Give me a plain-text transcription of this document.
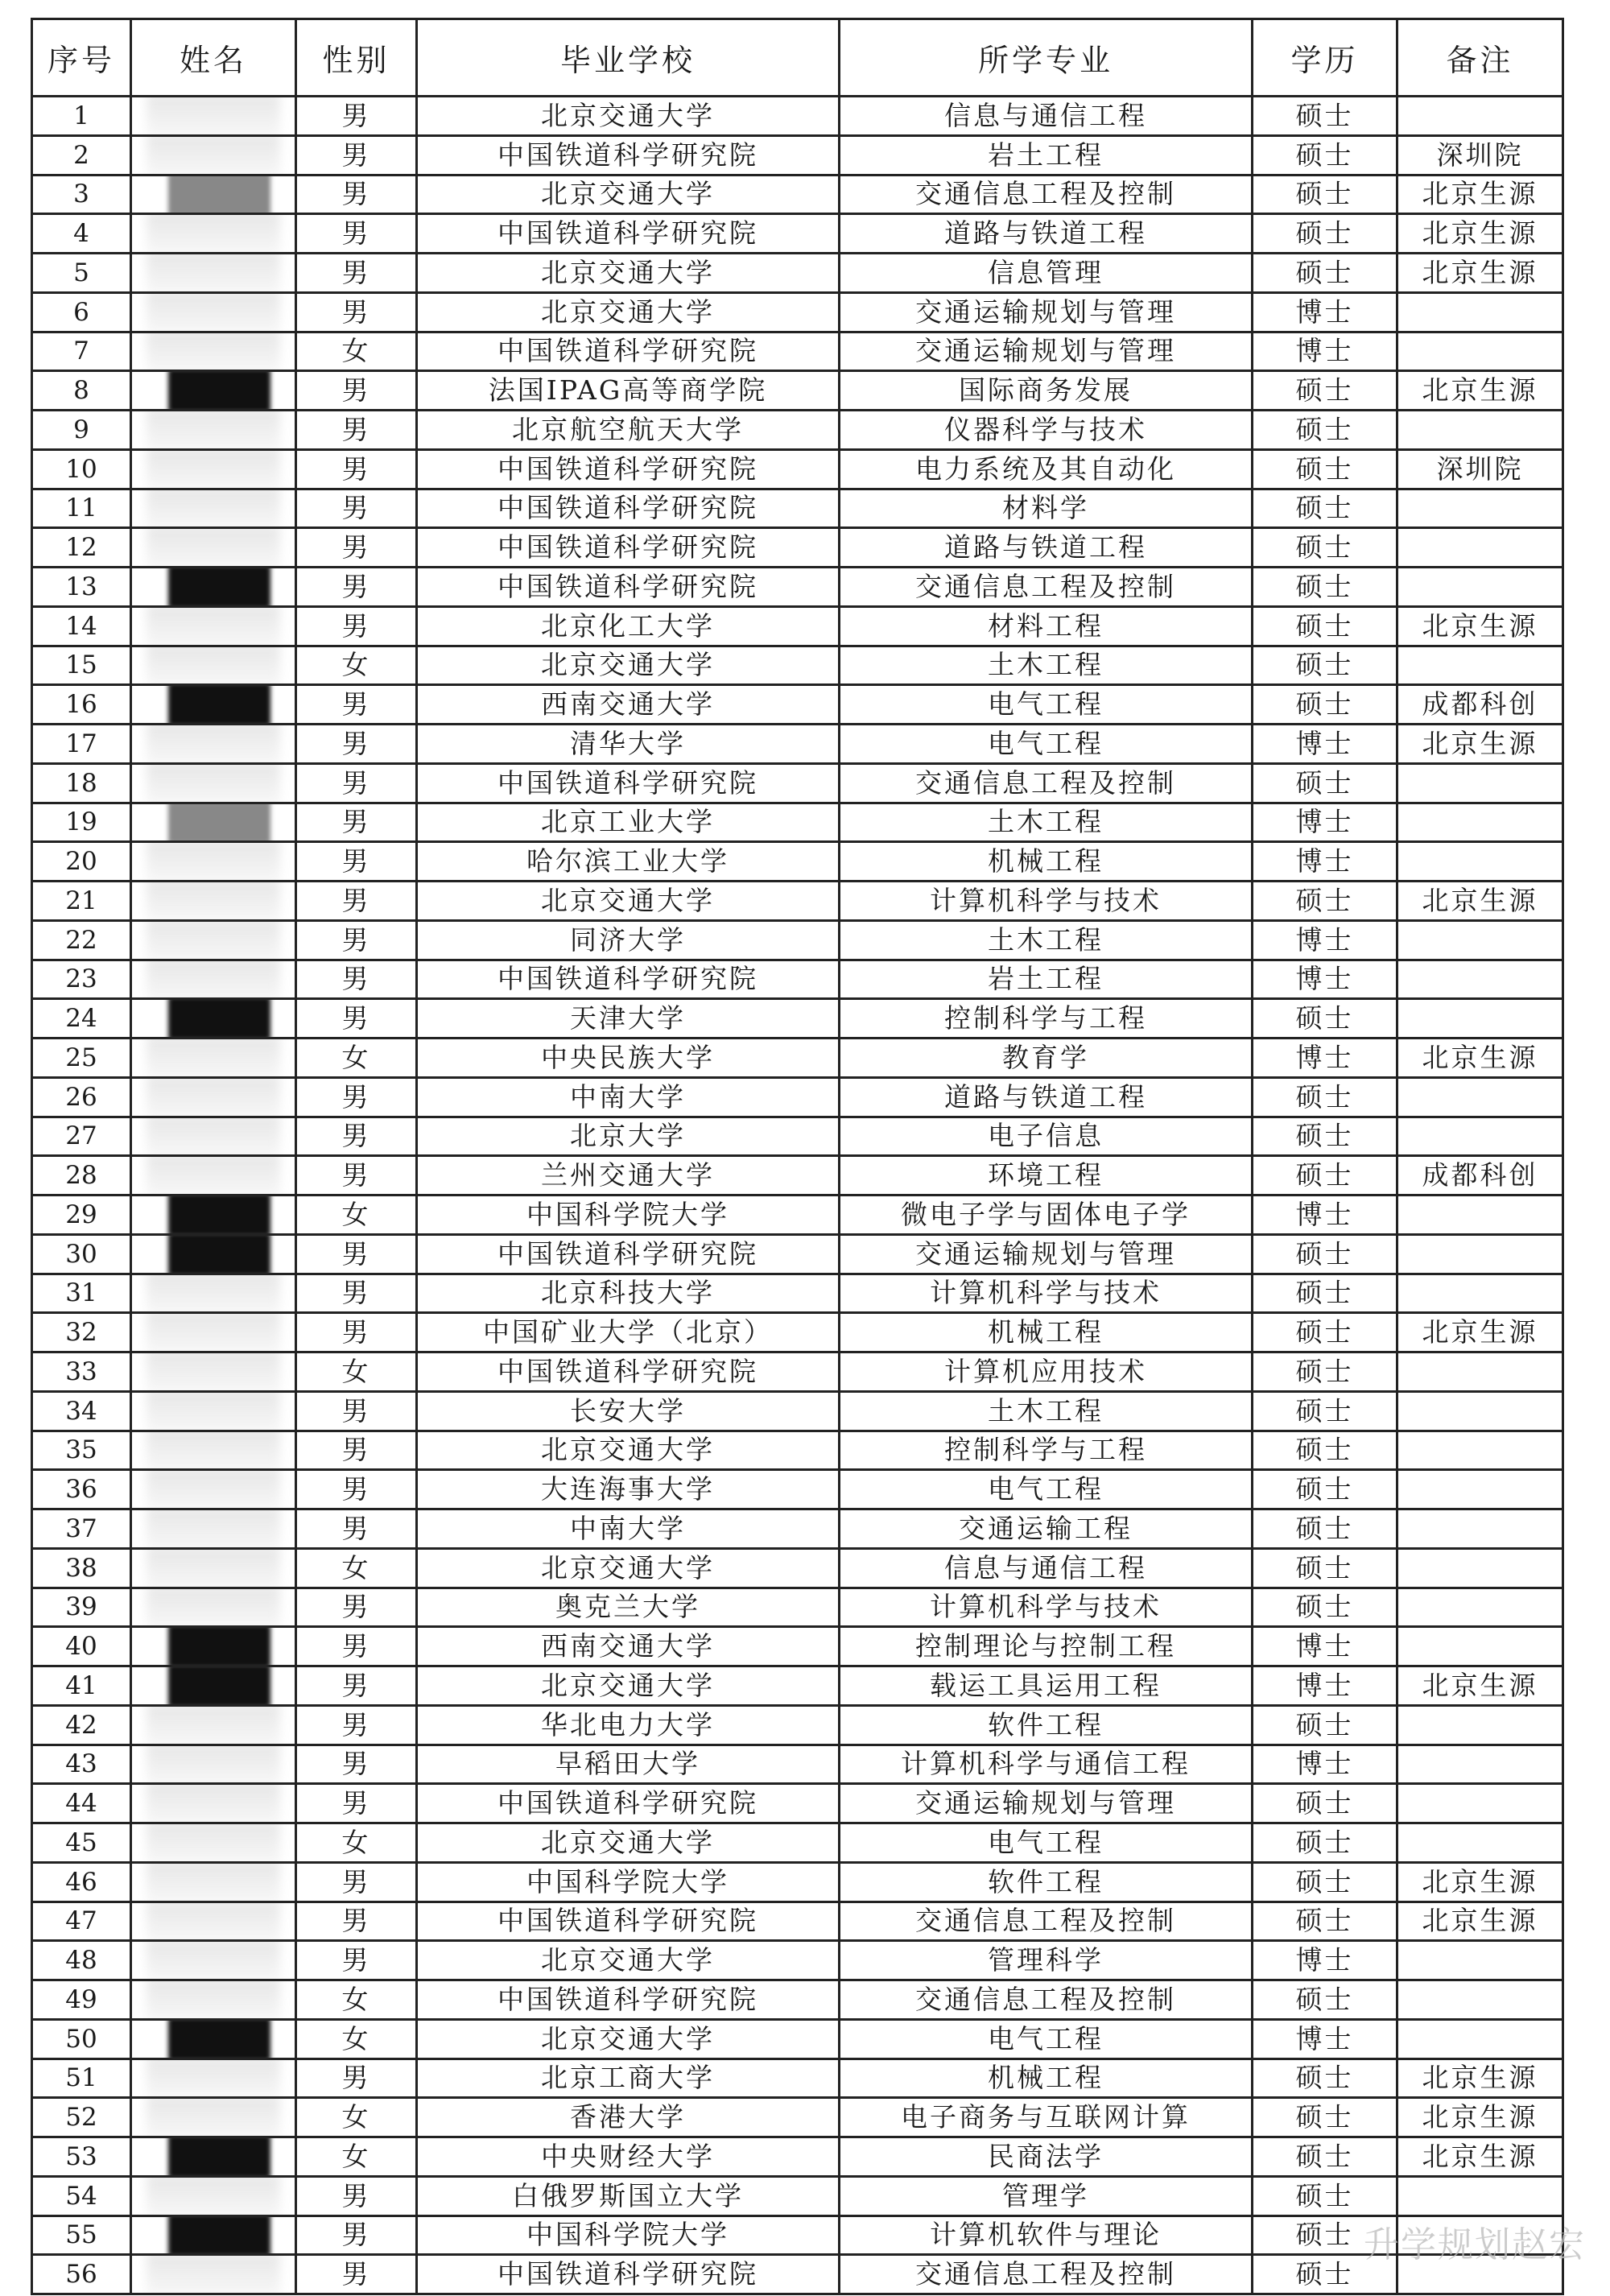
序号	姓名	性别	毕业学校	所学专业	学历	备注
1		男	北京交通大学	信息与通信工程	硕士	
2		男	中国铁道科学研究院	岩土工程	硕士	深圳院
3		男	北京交通大学	交通信息工程及控制	硕士	北京生源
4		男	中国铁道科学研究院	道路与铁道工程	硕士	北京生源
5		男	北京交通大学	信息管理	硕士	北京生源
6		男	北京交通大学	交通运输规划与管理	博士	
7		女	中国铁道科学研究院	交通运输规划与管理	博士	
8		男	法国IPAG高等商学院	国际商务发展	硕士	北京生源
9		男	北京航空航天大学	仪器科学与技术	硕士	
10		男	中国铁道科学研究院	电力系统及其自动化	硕士	深圳院
11		男	中国铁道科学研究院	材料学	硕士	
12		男	中国铁道科学研究院	道路与铁道工程	硕士	
13		男	中国铁道科学研究院	交通信息工程及控制	硕士	
14		男	北京化工大学	材料工程	硕士	北京生源
15		女	北京交通大学	土木工程	硕士	
16		男	西南交通大学	电气工程	硕士	成都科创
17		男	清华大学	电气工程	博士	北京生源
18		男	中国铁道科学研究院	交通信息工程及控制	硕士	
19		男	北京工业大学	土木工程	博士	
20		男	哈尔滨工业大学	机械工程	博士	
21		男	北京交通大学	计算机科学与技术	硕士	北京生源
22		男	同济大学	土木工程	博士	
23		男	中国铁道科学研究院	岩土工程	博士	
24		男	天津大学	控制科学与工程	硕士	
25		女	中央民族大学	教育学	博士	北京生源
26		男	中南大学	道路与铁道工程	硕士	
27		男	北京大学	电子信息	硕士	
28		男	兰州交通大学	环境工程	硕士	成都科创
29		女	中国科学院大学	微电子学与固体电子学	博士	
30		男	中国铁道科学研究院	交通运输规划与管理	硕士	
31		男	北京科技大学	计算机科学与技术	硕士	
32		男	中国矿业大学（北京）	机械工程	硕士	北京生源
33		女	中国铁道科学研究院	计算机应用技术	硕士	
34		男	长安大学	土木工程	硕士	
35		男	北京交通大学	控制科学与工程	硕士	
36		男	大连海事大学	电气工程	硕士	
37		男	中南大学	交通运输工程	硕士	
38		女	北京交通大学	信息与通信工程	硕士	
39		男	奥克兰大学	计算机科学与技术	硕士	
40		男	西南交通大学	控制理论与控制工程	博士	
41		男	北京交通大学	载运工具运用工程	博士	北京生源
42		男	华北电力大学	软件工程	硕士	
43		男	早稻田大学	计算机科学与通信工程	博士	
44		男	中国铁道科学研究院	交通运输规划与管理	硕士	
45		女	北京交通大学	电气工程	硕士	
46		男	中国科学院大学	软件工程	硕士	北京生源
47		男	中国铁道科学研究院	交通信息工程及控制	硕士	北京生源
48		男	北京交通大学	管理科学	博士	
49		女	中国铁道科学研究院	交通信息工程及控制	硕士	
50		女	北京交通大学	电气工程	博士	
51		男	北京工商大学	机械工程	硕士	北京生源
52		女	香港大学	电子商务与互联网计算	硕士	北京生源
53		女	中央财经大学	民商法学	硕士	北京生源
54		男	白俄罗斯国立大学	管理学	硕士	
55		男	中国科学院大学	计算机软件与理论	硕士	
56		男	中国铁道科学研究院	交通信息工程及控制	硕士	
升学规划赵宏
